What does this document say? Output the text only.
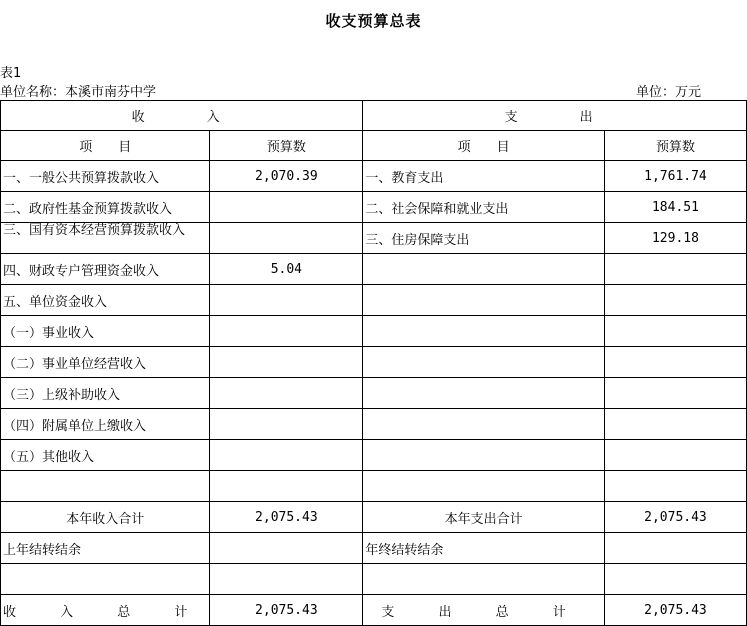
收支预算总表
表1
单位名称：本溪市南芬中学	单位：万元
收　　入		支　　出	
项　　目	预算数	项　　目	预算数
一、一般公共预算拨款收入	2,070.39	一、教育支出	1,761.74
二、政府性基金预算拨款收入		二、社会保障和就业支出	184.51
三、国有资本经营预算拨款收入		三、住房保障支出	129.18
四、财政专户管理资金收入	5.04		
五、单位资金收入			
（一）事业收入			
（二）事业单位经营收入			
（三）上级补助收入			
（四）附属单位上缴收入			
（五）其他收入			

本年收入合计	2,075.43	本年支出合计	2,075.43
上年结转结余		年终结转结余	

收 入 总 计	2,075.43	支 出 总 计	2,075.43
